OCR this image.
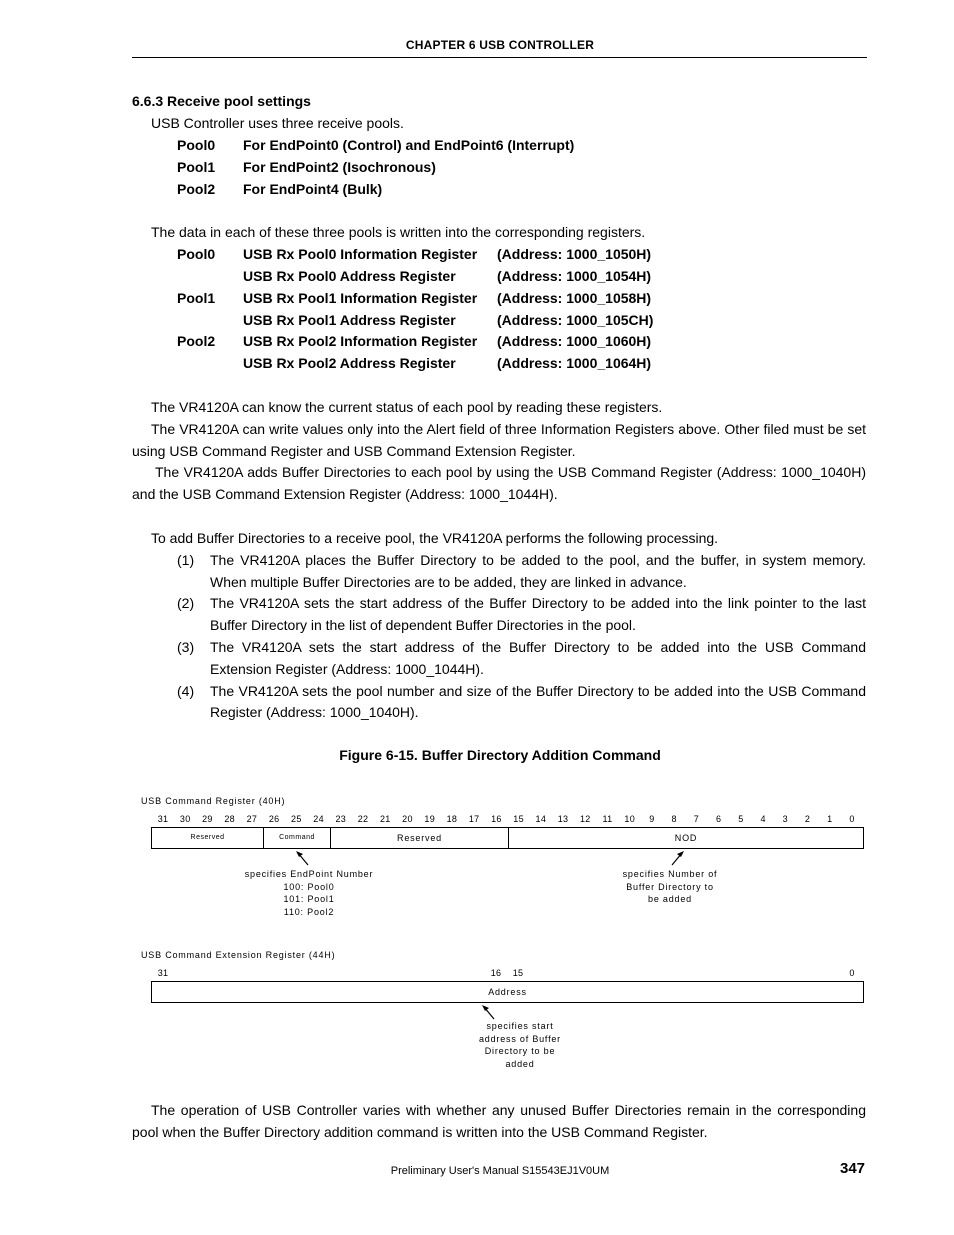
CHAPTER 6 USB CONTROLLER
6.6.3 Receive pool settings
USB Controller uses three receive pools.
Pool0 For EndPoint0 (Control) and EndPoint6 (Interrupt)
Pool1 For EndPoint2 (Isochronous)
Pool2 For EndPoint4 (Bulk)
The data in each of these three pools is written into the corresponding registers.
Pool0 USB Rx Pool0 Information Register (Address: 1000_1050H)
USB Rx Pool0 Address Register	(Address: 1000_1054H)
Pool1 USB Rx Pool1 Information Register (Address: 1000_1058H)
USB Rx Pool1 Address Register	(Address: 1000_105CH)
Pool2 USB Rx Pool2 Information Register (Address: 1000_1060H)
USB Rx Pool2 Address Register	(Address: 1000_1064H)
The VR4120A can know the current status of each pool by reading these registers.
The VR4120A can write values only into the Alert field of three Information Registers above. Other filed must be set
using USB Command Register and USB Command Extension Register.
The VR4120A adds Buffer Directories to each pool by using the USB Command Register (Address: 1000_1040H)
and the USB Command Extension Register (Address: 1000_1044H).
To add Buffer Directories to a receive pool, the VR4120A performs the following processing.
(1) The VR4120A places the Buffer Directory to be added to the pool, and the buffer, in system memory.
When multiple Buffer Directories are to be added, they are linked in advance.
(2) The VR4120A sets the start address of the Buffer Directory to be added into the link pointer to the last
Buffer Directory in the list of dependent Buffer Directories in the pool.
(3) The VR4120A sets the start address of the Buffer Directory to be added into the USB Command
Extension Register (Address: 1000_1044H).
(4) The VR4120A sets the pool number and size of the Buffer Directory to be added into the USB Command
Register (Address: 1000_1040H).
Figure 6-15. Buffer Directory Addition Command
USB Command Register (40H)
31 30 29 28 27 26 25 24 23 22 21 20 19 18 17 16 15 14 13 12	11	10	9	8	7	6	5	4	3	2	1	0
Reserved	Command	Reserved	NOD
specifies EndPoint Number
100: Pool0
101: Pool1
110: Pool2
specifies Number of
Buffer Directory to
be added
USB Command Extension Register (44H)
31	16 15	0
Address
specifies start
address of Buffer
Directory to be
added
The operation of USB Controller varies with whether any unused Buffer Directories remain in the corresponding
pool when the Buffer Directory addition command is written into the USB Command Register.
Preliminary User's Manual S15543EJ1V0UM	347
